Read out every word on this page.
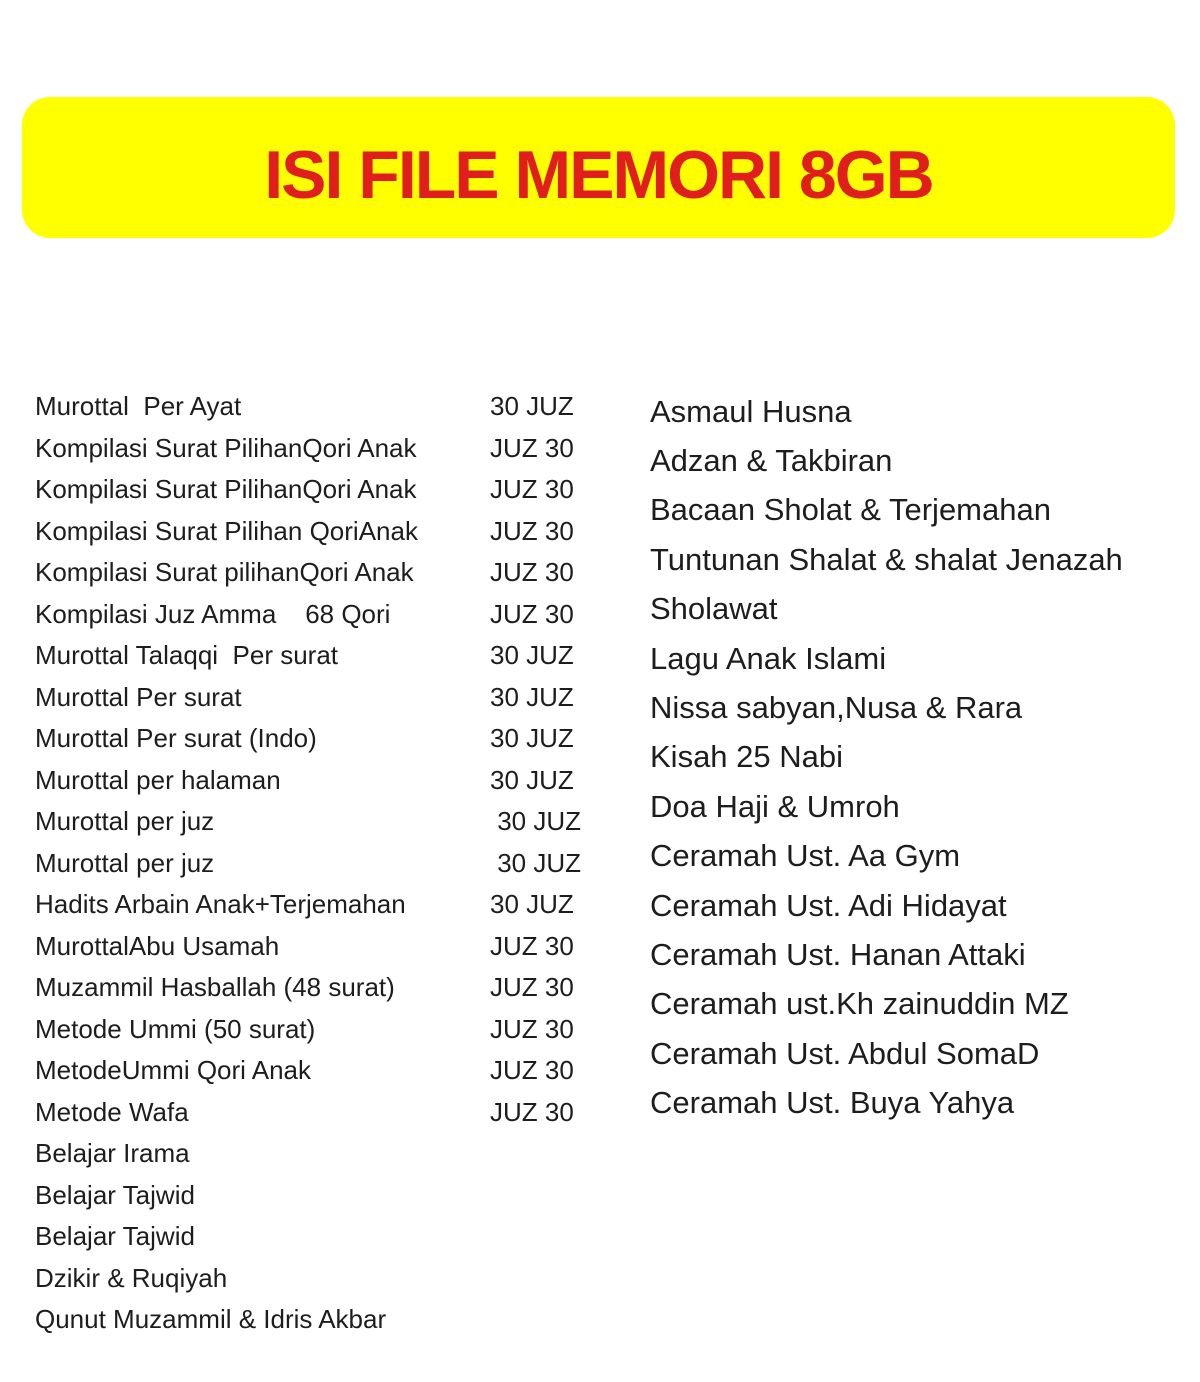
ISI FILE MEMORI 8GB
Murottal  Per Ayat	30 JUZ
Kompilasi Surat PilihanQori Anak	JUZ 30
Kompilasi Surat PilihanQori Anak	JUZ 30
Kompilasi Surat Pilihan QoriAnak	JUZ 30
Kompilasi Surat pilihanQori Anak	JUZ 30
Kompilasi Juz Amma    68 Qori	JUZ 30
Murottal Talaqqi  Per surat	30 JUZ
Murottal Per surat	30 JUZ
Murottal Per surat (Indo)	30 JUZ
Murottal per halaman	30 JUZ
Murottal per juz	30 JUZ
Murottal per juz	30 JUZ
Hadits Arbain Anak+Terjemahan	30 JUZ
MurottalAbu Usamah	JUZ 30
Muzammil Hasballah (48 surat)	JUZ 30
Metode Ummi (50 surat)	JUZ 30
MetodeUmmi Qori Anak	JUZ 30
Metode Wafa	JUZ 30
Belajar Irama
Belajar Tajwid
Belajar Tajwid
Dzikir & Ruqiyah
Qunut Muzammil & Idris Akbar
Asmaul Husna
Adzan & Takbiran
Bacaan Sholat & Terjemahan
Tuntunan Shalat & shalat Jenazah
Sholawat
Lagu Anak Islami
Nissa sabyan,Nusa & Rara
Kisah 25 Nabi
Doa Haji & Umroh
Ceramah Ust. Aa Gym
Ceramah Ust. Adi Hidayat
Ceramah Ust. Hanan Attaki
Ceramah ust.Kh zainuddin MZ
Ceramah Ust. Abdul SomaD
Ceramah Ust. Buya Yahya
